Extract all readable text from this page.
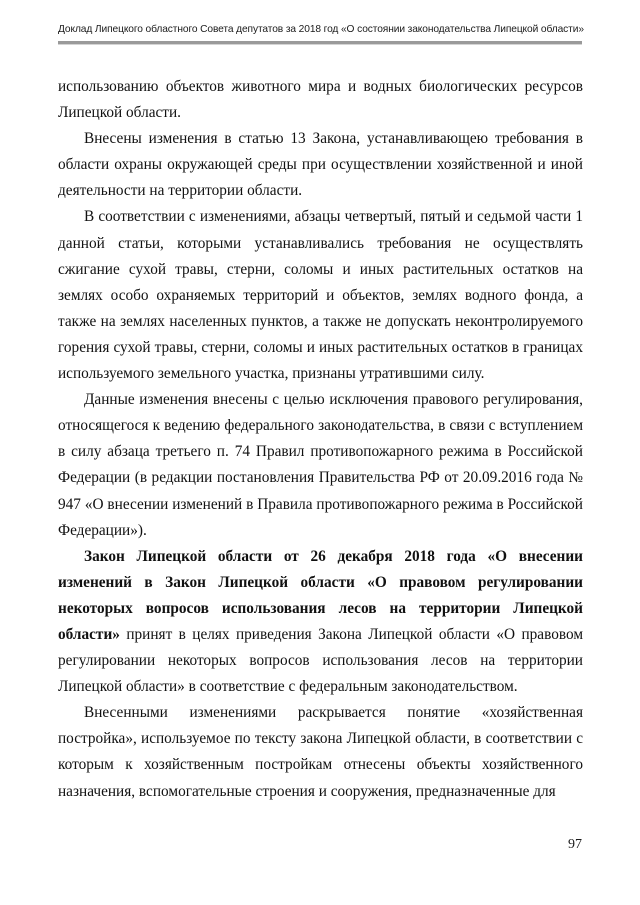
Доклад Липецкого областного Совета депутатов за 2018 год «О состоянии законодательства Липецкой области»

использованию объектов животного мира и водных биологических ресурсов Липецкой области.

Внесены изменения в статью 13 Закона, устанавливающею требования в области охраны окружающей среды при осуществлении хозяйственной и иной деятельности на территории области.

В соответствии с изменениями, абзацы четвертый, пятый и седьмой части 1 данной статьи, которыми устанавливались требования не осуществлять сжигание сухой травы, стерни, соломы и иных растительных остатков на землях особо охраняемых территорий и объектов, землях водного фонда, а также на землях населенных пунктов, а также не допускать неконтролируемого горения сухой травы, стерни, соломы и иных растительных остатков в границах используемого земельного участка, признаны утратившими силу.

Данные изменения внесены с целью исключения правового регулирования, относящегося к ведению федерального законодательства, в связи с вступлением в силу абзаца третьего п. 74 Правил противопожарного режима в Российской Федерации (в редакции постановления Правительства РФ от 20.09.2016 года № 947 «О внесении изменений в Правила противопожарного режима в Российской Федерации»).

Закон Липецкой области от 26 декабря 2018 года «О внесении изменений в Закон Липецкой области «О правовом регулировании некоторых вопросов использования лесов на территории Липецкой области» принят в целях приведения Закона Липецкой области «О правовом регулировании некоторых вопросов использования лесов на территории Липецкой области» в соответствие с федеральным законодательством.

Внесенными изменениями раскрывается понятие «хозяйственная постройка», используемое по тексту закона Липецкой области, в соответствии с которым к хозяйственным постройкам отнесены объекты хозяйственного назначения, вспомогательные строения и сооружения, предназначенные для

97
